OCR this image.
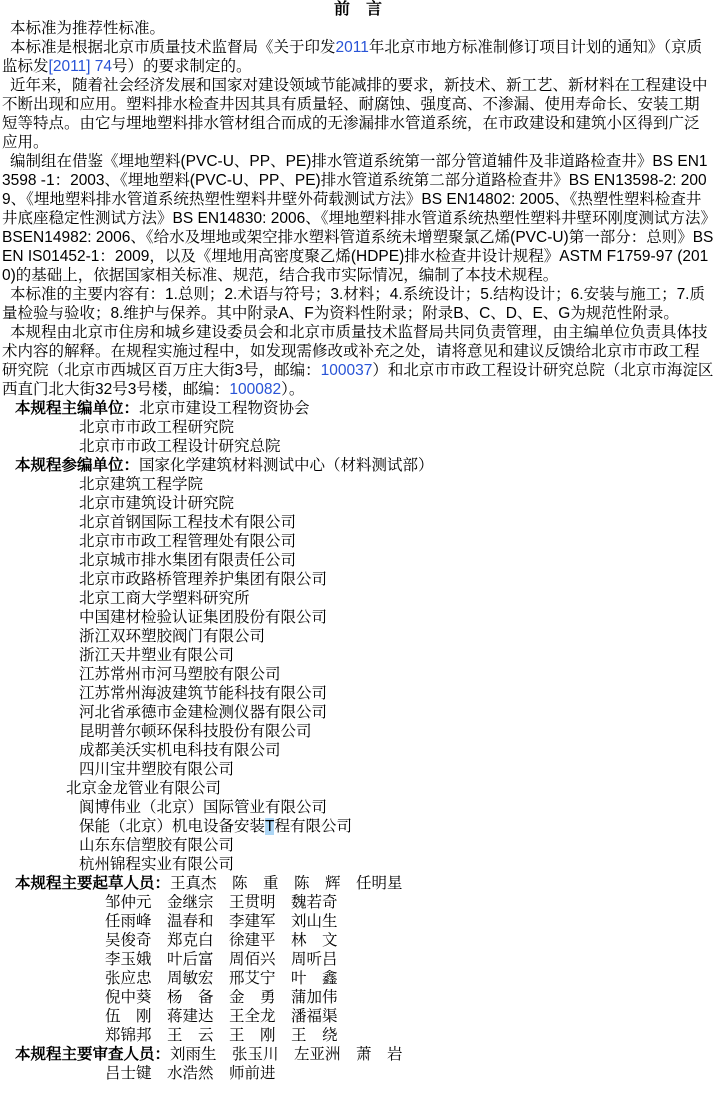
前　言

本标准为推荐性标准。

本标准是根据北京市质量技术监督局《关于印发2011年北京市地方标准制修订项目计划的通知》（京质监标发[2011] 74号）的要求制定的。

近年来，随着社会经济发展和国家对建设领域节能减排的要求，新技术、新工艺、新材料在工程建设中不断出现和应用。塑料排水检查井因其具有质量轻、耐腐蚀、强度高、不渗漏、使用寿命长、安装工期短等特点。由它与埋地塑料排水管材组合而成的无渗漏排水管道系统，在市政建设和建筑小区得到广泛应用。

编制组在借鉴《埋地塑料(PVC-U、PP、PE)排水管道系统第一部分管道辅件及非道路检查井》BS EN13598 -1：2003、《埋地塑料(PVC-U、PP、PE)排水管道系统第二部分道路检查井》BS EN13598-2: 2009、《埋地塑料排水管道系统热塑性塑料井壁外荷载测试方法》BS EN14802: 2005、《热塑性塑料检查井井底座稳定性测试方法》BS EN14830: 2006、《埋地塑料排水管道系统热塑性塑料井壁环刚度测试方法》BSEN14982: 2006、《给水及埋地或架空排水塑料管道系统未增塑聚氯乙烯(PVC-U)第一部分：总则》BS EN IS01452-1：2009，以及《埋地用高密度聚乙烯(HDPE)排水检查井设计规程》ASTM F1759-97 (2010)的基础上，依据国家相关标准、规范，结合我市实际情况，编制了本技术规程。

本标准的主要内容有：1.总则；2.术语与符号；3.材料；4.系统设计；5.结构设计；6.安装与施工；7.质量检验与验收；8.维护与保养。其中附录A、F为资料性附录；附录B、C、D、E、G为规范性附录。

本规程由北京市住房和城乡建设委员会和北京市质量技术监督局共同负责管理，由主编单位负责具体技术内容的解释。在规程实施过程中，如发现需修改或补充之处，请将意见和建议反馈给北京市市政工程研究院（北京市西城区百万庄大街3号，邮编：100037）和北京市市政工程设计研究总院（北京市海淀区西直门北大街32号3号楼，邮编：100082）。

本规程主编单位：北京市建设工程物资协会
北京市市政工程研究院
北京市市政工程设计研究总院
本规程参编单位：国家化学建筑材料测试中心（材料测试部）
北京建筑工程学院
北京市建筑设计研究院
北京首钢国际工程技术有限公司
北京市市政工程管理处有限公司
北京城市排水集团有限责任公司
北京市政路桥管理养护集团有限公司
北京工商大学塑料研究所
中国建材检验认证集团股份有限公司
浙江双环塑胶阀门有限公司
浙江天井塑业有限公司
江苏常州市河马塑胶有限公司
江苏常州海波建筑节能科技有限公司
河北省承德市金建检测仪器有限公司
昆明普尔顿环保科技股份有限公司
成都美沃实机电科技有限公司
四川宝井塑胶有限公司
北京金龙管业有限公司
阆博伟业（北京）国际管业有限公司
保能（北京）机电设备安装T程有限公司
山东东信塑胶有限公司
杭州锦程实业有限公司
本规程主要起草人员：王真杰　陈　重　陈　辉　任明星
邹仲元　金继宗　王贯明　魏若奇
任雨峰　温春和　李建军　刘山生
吴俊奇　郑克白　徐建平　林　文
李玉娥　叶后富　周佰兴　周听吕
张应忠　周敏宏　邢艾宁　叶　鑫
倪中葵　杨　备　金　勇　蒲加伟
伍　刚　蒋建达　王全龙　潘福渠
郑锦邦　王　云　王　刚　王　绕
本规程主要审查人员：刘雨生　张玉川　左亚洲　萧　岩
吕士键　水浩然　师前进
